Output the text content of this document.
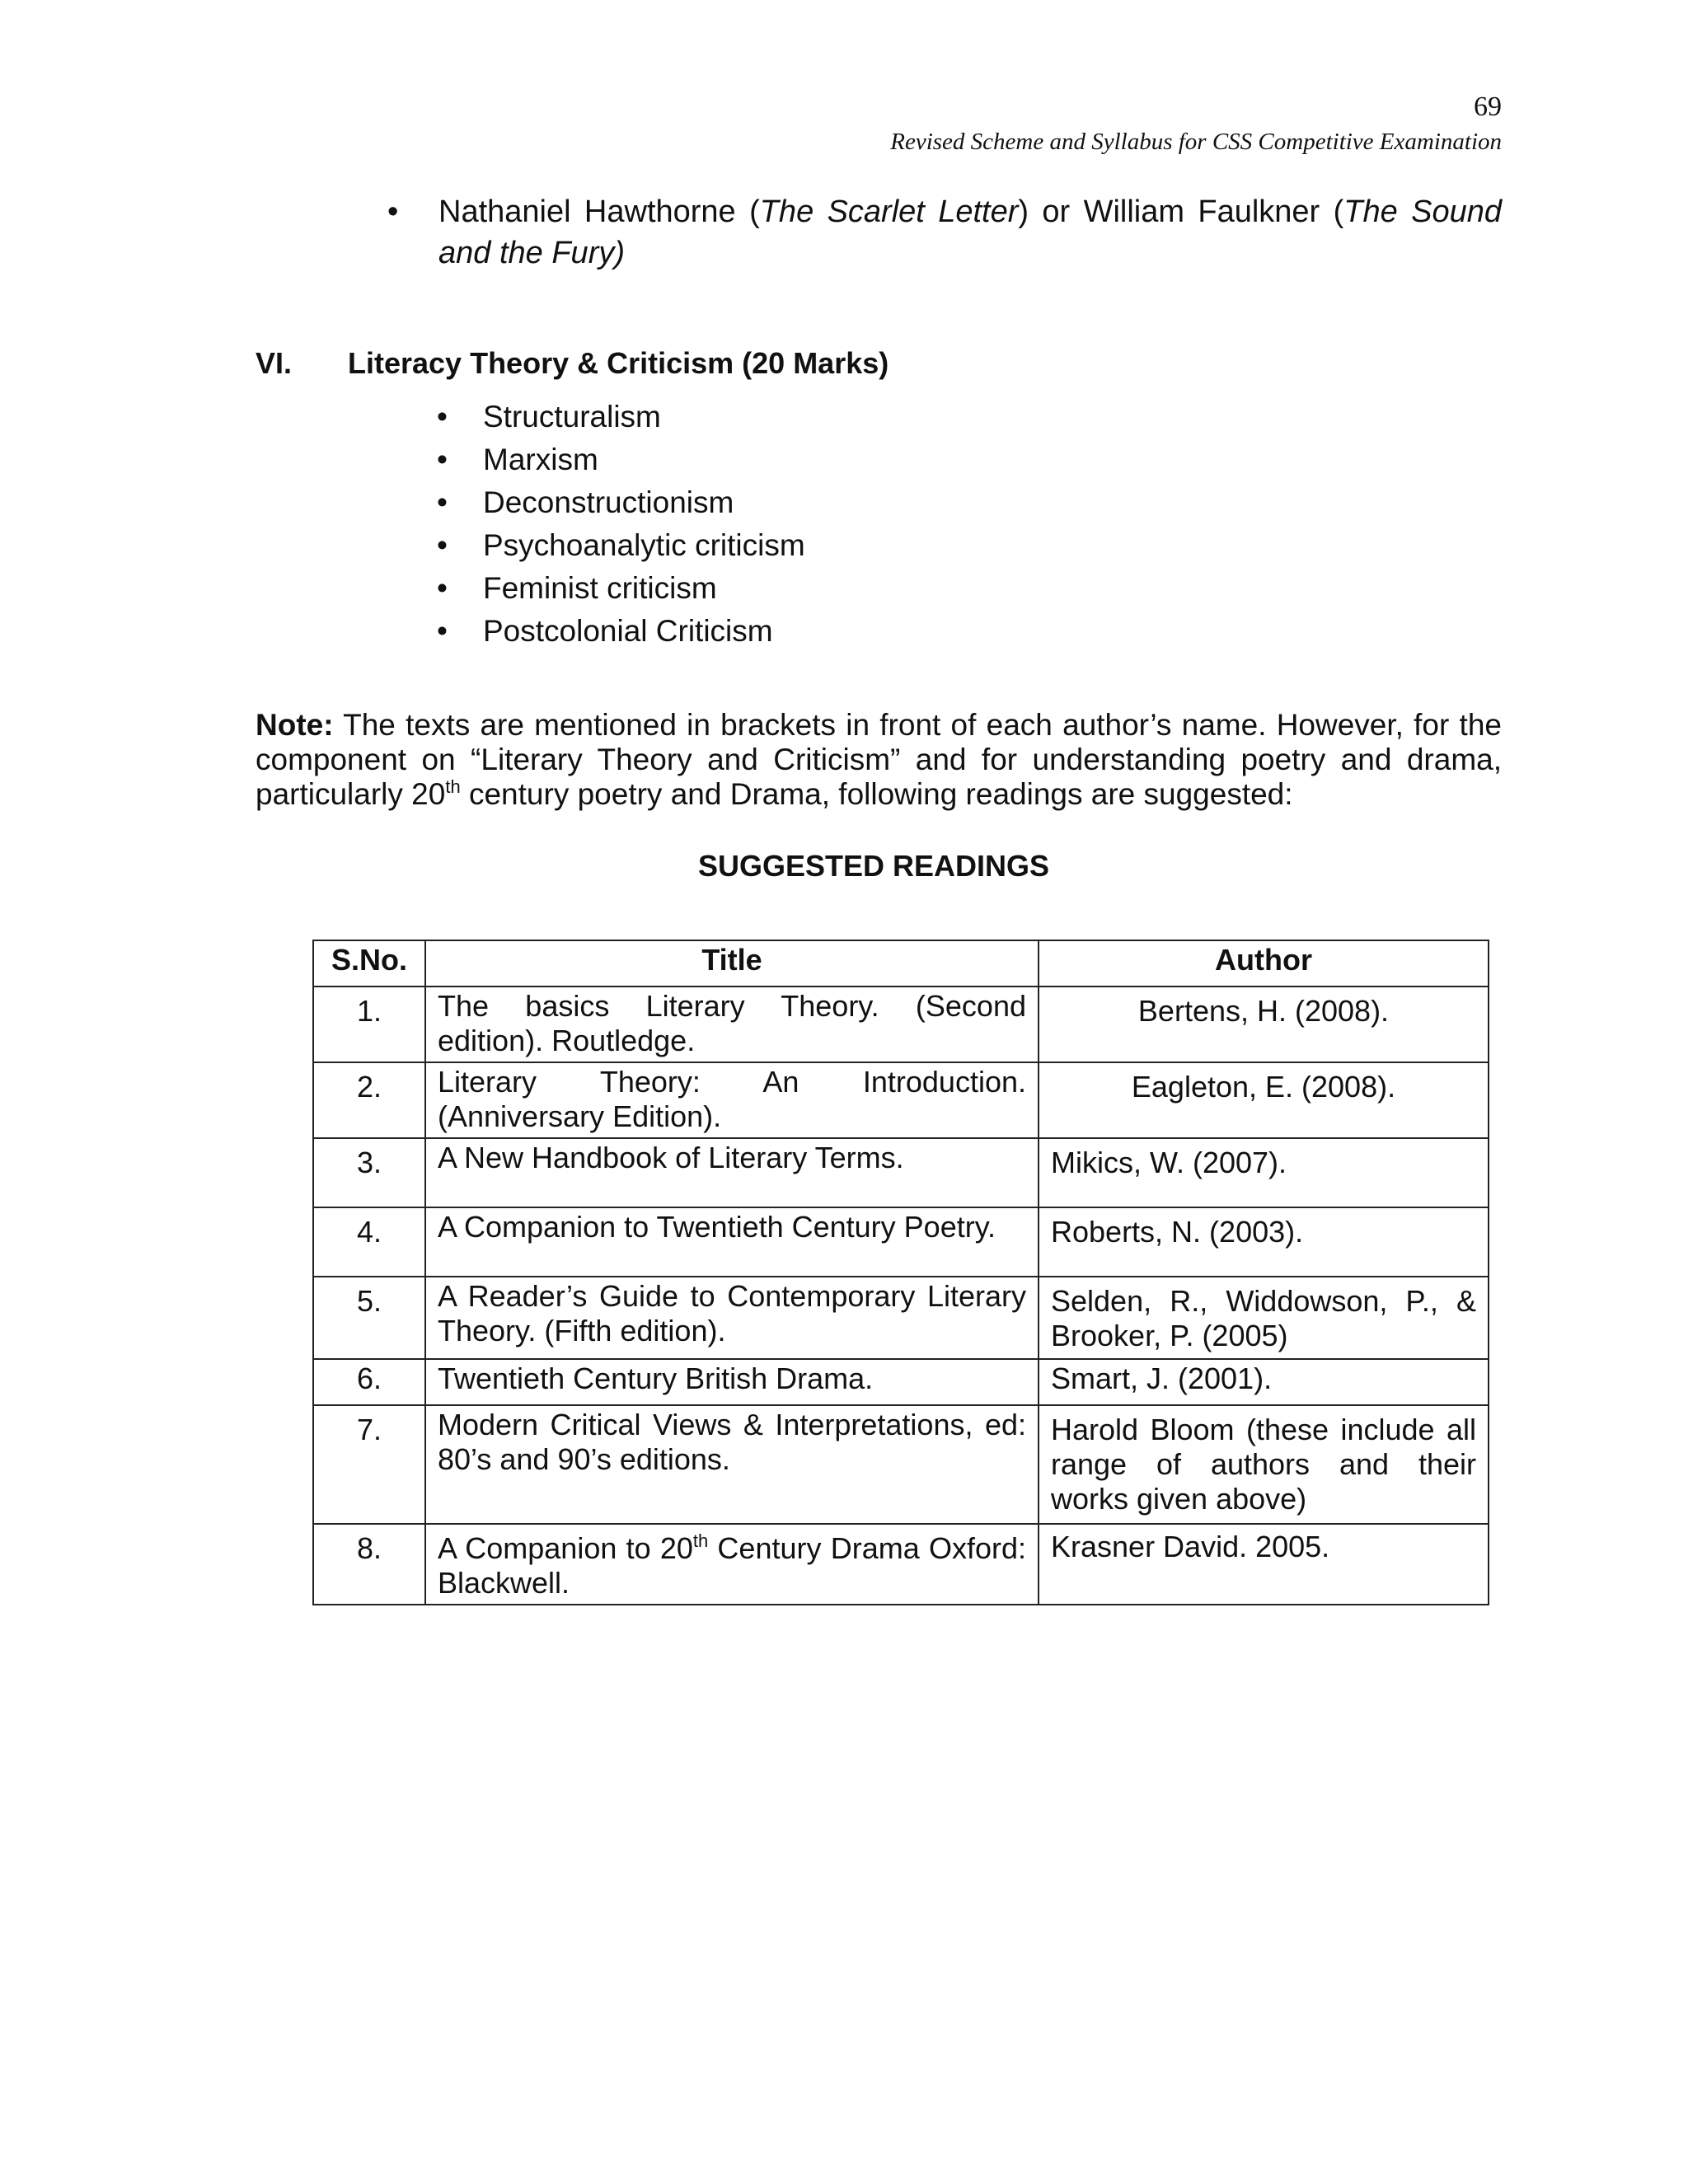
69
Revised Scheme and Syllabus for CSS Competitive Examination
• Nathaniel Hawthorne (The Scarlet Letter) or William Faulkner (The Sound and the Fury)
VI. Literacy Theory & Criticism (20 Marks)
• Structuralism
• Marxism
• Deconstructionism
• Psychoanalytic criticism
• Feminist criticism
• Postcolonial Criticism

Note: The texts are mentioned in brackets in front of each author’s name. However, for the component on “Literary Theory and Criticism” and for understanding poetry and drama, particularly 20th century poetry and Drama, following readings are suggested:

SUGGESTED READINGS
S.No.	Title	Author
1.	The basics Literary Theory. (Second edition). Routledge.	Bertens, H. (2008).
2.	Literary Theory: An Introduction. (Anniversary Edition).	Eagleton, E. (2008).
3.	A New Handbook of Literary Terms.	Mikics, W. (2007).
4.	A Companion to Twentieth Century Poetry.	Roberts, N. (2003).
5.	A Reader’s Guide to Contemporary Literary Theory. (Fifth edition).	Selden, R., Widdowson, P., & Brooker, P. (2005)
6.	Twentieth Century British Drama.	Smart, J. (2001).
7.	Modern Critical Views & Interpretations, ed: 80’s and 90’s editions.	Harold Bloom (these include all range of authors and their works given above)
8.	A Companion to 20th Century Drama Oxford: Blackwell.	Krasner David. 2005.
